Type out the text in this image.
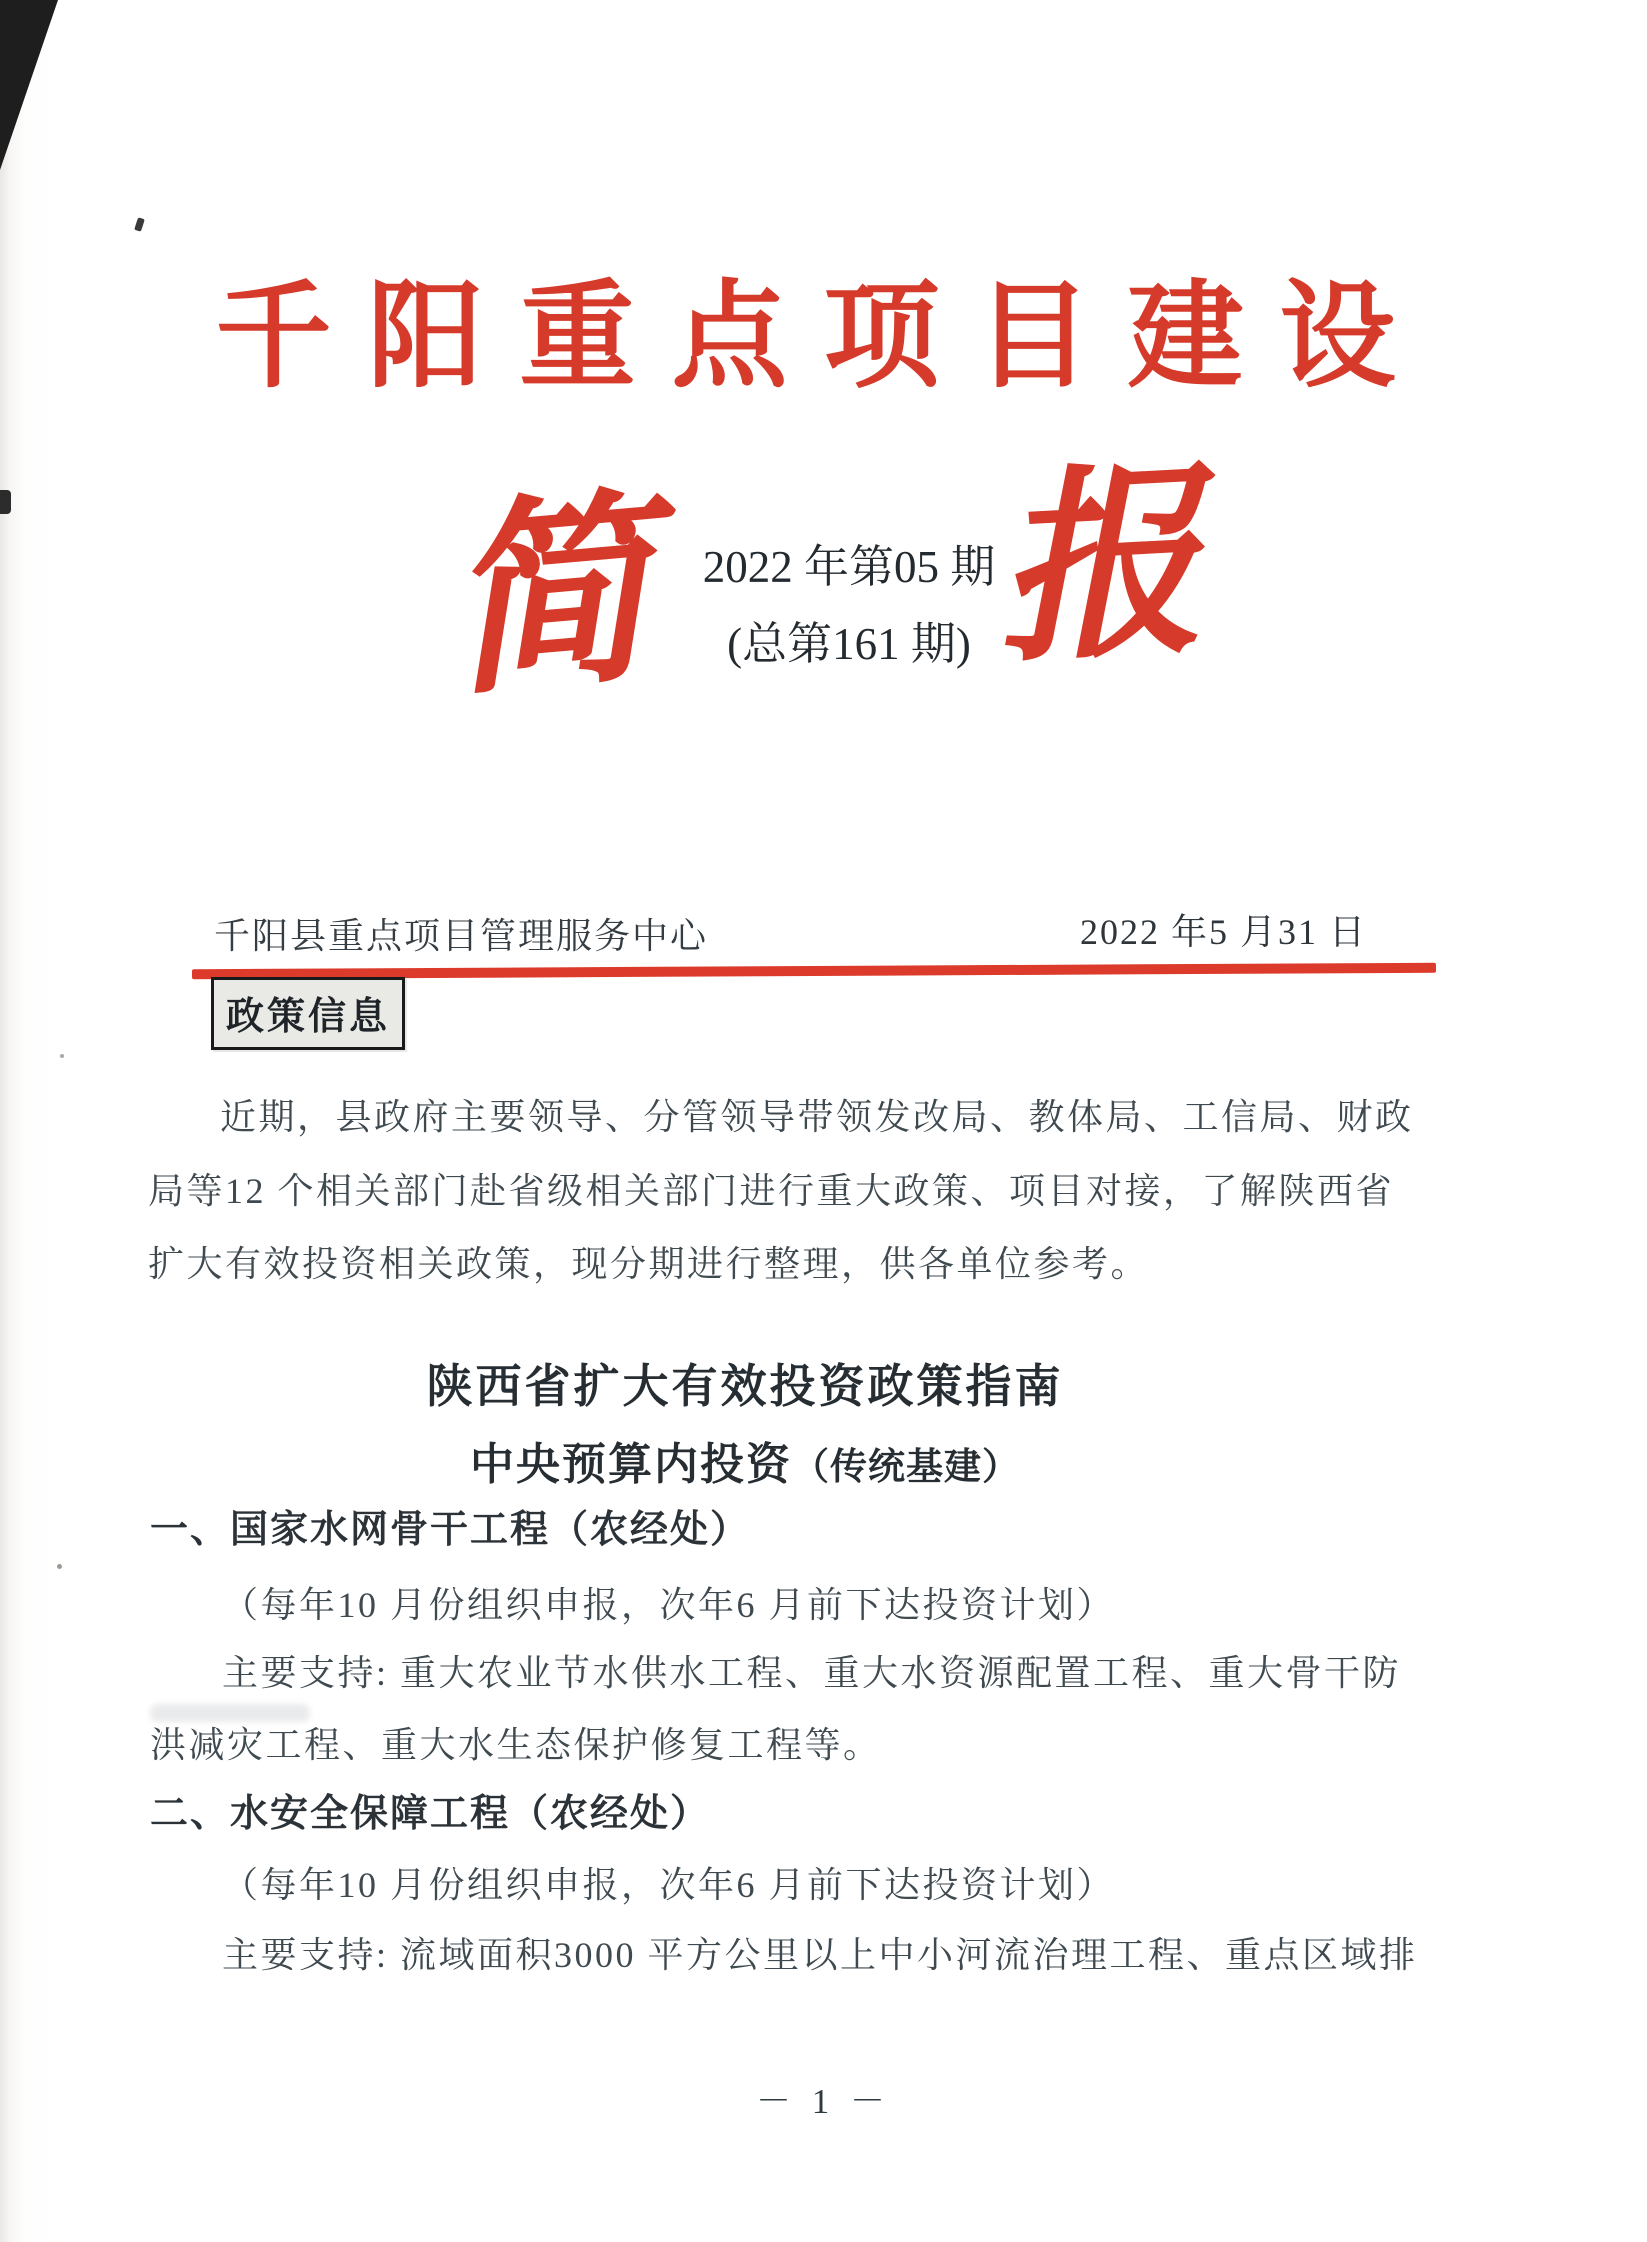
千阳重点项目建设
简 2022 年第05 期
(总第161 期) 报
千阳县重点项目管理服务中心	2022 年5 月31 日
政策信息
近期，县政府主要领导、分管领导带领发改局、教体局、工信局、财政
局等12 个相关部门赴省级相关部门进行重大政策、项目对接，了解陕西省
扩大有效投资相关政策，现分期进行整理，供各单位参考。
陕西省扩大有效投资政策指南
中央预算内投资（传统基建）
一、国家水网骨干工程（农经处）
（每年10 月份组织申报，次年6 月前下达投资计划）
主要支持: 重大农业节水供水工程、重大水资源配置工程、重大骨干防
洪减灾工程、重大水生态保护修复工程等。
二、水安全保障工程（农经处）
（每年10 月份组织申报，次年6 月前下达投资计划）
主要支持: 流域面积3000 平方公里以上中小河流治理工程、重点区域排
－ 1 －
